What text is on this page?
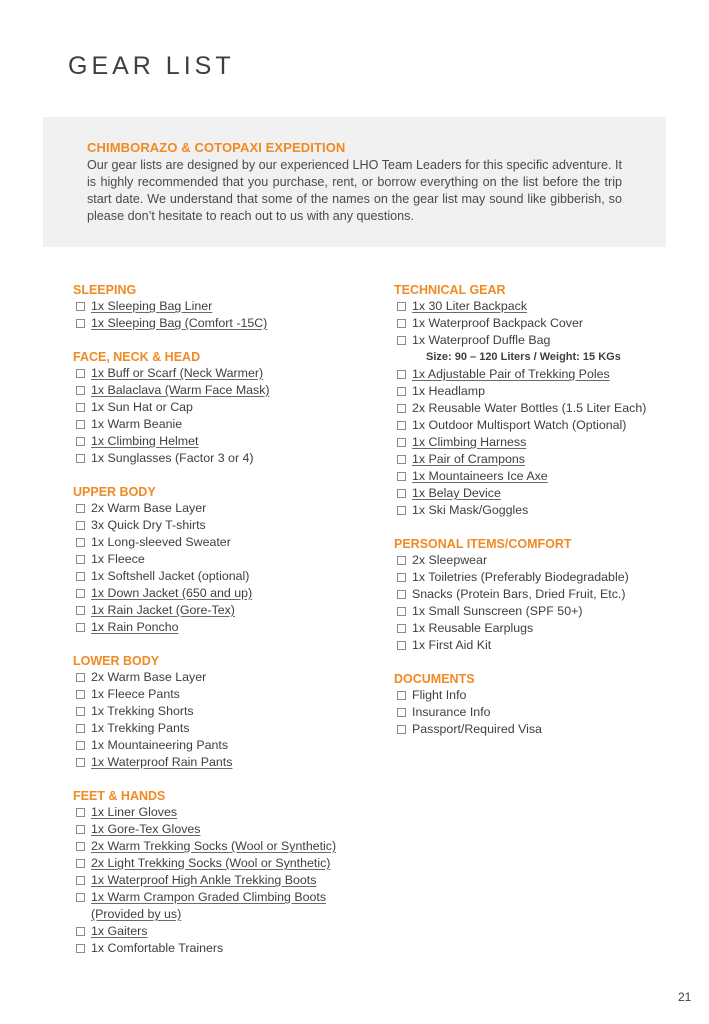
GEAR LIST
CHIMBORAZO & COTOPAXI EXPEDITION

Our gear lists are designed by our experienced LHO Team Leaders for this specific adventure. It is highly recommended that you purchase, rent, or borrow everything on the list before the trip start date. We understand that some of the names on the gear list may sound like gibberish, so please don’t hesitate to reach out to us with any questions.

SLEEPING
1x Sleeping Bag Liner
1x Sleeping Bag (Comfort -15C)
FACE, NECK & HEAD
1x Buff or Scarf (Neck Warmer)
1x Balaclava (Warm Face Mask)
1x Sun Hat or Cap
1x Warm Beanie
1x Climbing Helmet
1x Sunglasses (Factor 3 or 4)
UPPER BODY
2x Warm Base Layer
3x Quick Dry T-shirts
1x Long-sleeved Sweater
1x Fleece
1x Softshell Jacket (optional)
1x Down Jacket (650 and up)
1x Rain Jacket (Gore-Tex)
1x Rain Poncho
LOWER BODY
2x Warm Base Layer
1x Fleece Pants
1x Trekking Shorts
1x Trekking Pants
1x Mountaineering Pants
1x Waterproof Rain Pants
FEET & HANDS
1x Liner Gloves
1x Gore-Tex Gloves
2x Warm Trekking Socks (Wool or Synthetic)
2x Light Trekking Socks (Wool or Synthetic)
1x Waterproof High Ankle Trekking Boots
1x Warm Crampon Graded Climbing Boots (Provided by us)
1x Gaiters
1x Comfortable Trainers
TECHNICAL GEAR
1x 30 Liter Backpack
1x Waterproof Backpack Cover
1x Waterproof Duffle Bag
Size: 90 – 120 Liters / Weight: 15 KGs
1x Adjustable Pair of Trekking Poles
1x Headlamp
2x Reusable Water Bottles (1.5 Liter Each)
1x Outdoor Multisport Watch (Optional)
1x Climbing Harness
1x Pair of Crampons
1x Mountaineers Ice Axe
1x Belay Device
1x Ski Mask/Goggles
PERSONAL ITEMS/COMFORT
2x Sleepwear
1x Toiletries (Preferably Biodegradable)
Snacks (Protein Bars, Dried Fruit, Etc.)
1x Small Sunscreen (SPF 50+)
1x Reusable Earplugs
1x First Aid Kit
DOCUMENTS
Flight Info
Insurance Info
Passport/Required Visa
21
